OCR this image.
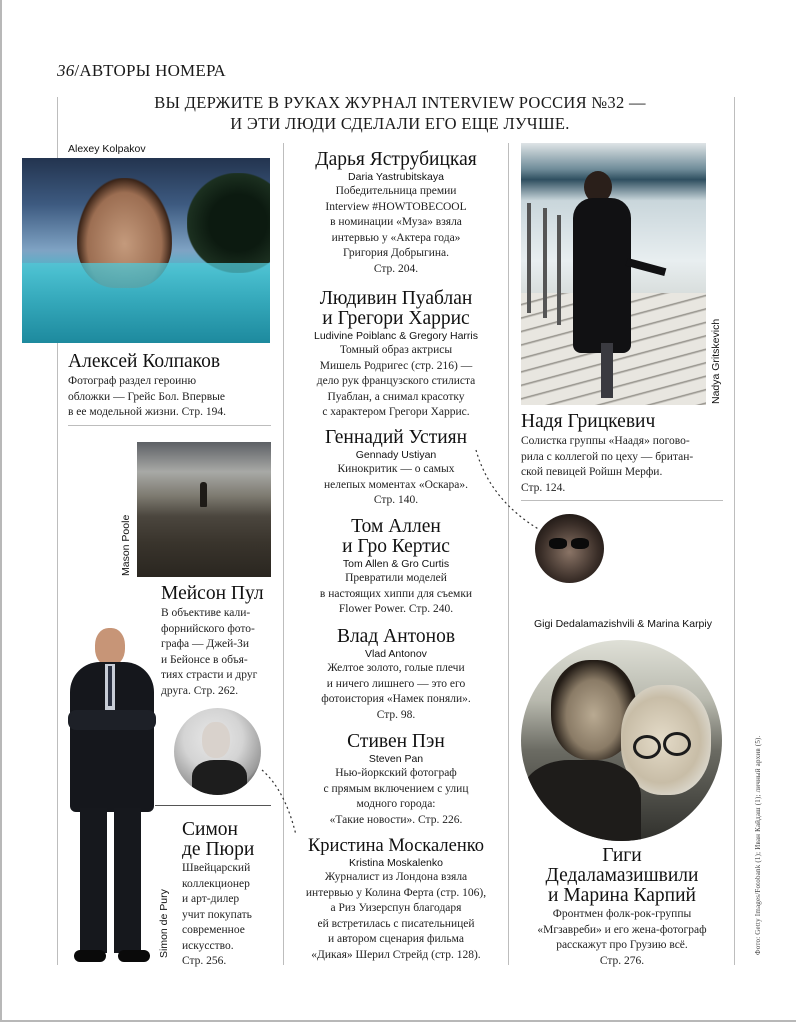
36/АВТОРЫ НОМЕРА
ВЫ ДЕРЖИТЕ В РУКАХ ЖУРНАЛ INTERVIEW РОССИЯ №32 —
И ЭТИ ЛЮДИ СДЕЛАЛИ ЕГО ЕЩЕ ЛУЧШЕ.
Alexey Kolpakov
Алексей Колпаков
Фотограф раздел героиню
обложки — Грейс Бол. Впервые
в ее модельной жизни. Стр. 194.
Mason Poole
Мейсон Пул
В объективе кали-
форнийского фото-
графа — Джей-Зи
и Бейонсе в объя-
тиях страсти и друг
друга. Стр. 262.
Simon de Pury
Симон
де Пюри
Швейцарский
коллекционер
и арт-дилер
учит покупать
современное
искусство.
Стр. 256.
Дарья Яструбицкая
Daria Yastrubitskaya
Победительница премии
Interview #HOWTOBECOOL
в номинации «Муза» взяла
интервью у «Актера года»
Григория Добрыгина.
Стр. 204.
Людивин Пуаблан
и Грегори Харрис
Ludivine Poiblanc & Gregory Harris
Томный образ актрисы
Мишель Родригес (стр. 216) —
дело рук французского стилиста
Пуаблан, а снимал красотку
с характером Грегори Харрис.
Геннадий Устиян
Gennady Ustiyan
Кинокритик — о самых
нелепых моментах «Оскара».
Стр. 140.
Том Аллен
и Гро Кертис
Tom Allen & Gro Curtis
Превратили моделей
в настоящих хиппи для съемки
Flower Power. Стр. 240.
Влад Антонов
Vlad Antonov
Желтое золото, голые плечи
и ничего лишнего — это его
фотоистория «Намек поняли».
Стр. 98.
Стивен Пэн
Steven Pan
Нью-йоркский фотограф
с прямым включением с улиц
модного города:
«Такие новости». Стр. 226.
Кристина Москаленко
Kristina Moskalenko
Журналист из Лондона взяла
интервью у Колина Ферта (стр. 106),
а Риз Уизерспун благодаря
ей встретилась с писательницей
и автором сценария фильма
«Дикая» Шерил Стрейд (стр. 128).
Nadya Gritskevich
Надя Грицкевич
Солистка группы «Наадя» погово-
рила с коллегой по цеху — британ-
ской певицей Ройшн Мерфи.
Стр. 124.
Gigi Dedalamazishvili & Marina Karpiy
Гиги
Дедаламазишвили
и Марина Карпий
Фронтмен фолк-рок-группы
«Мгзавреби» и его жена-фотограф
расскажут про Грузию всё.
Стр. 276.
Фото: Getty Images/Fotobank (1); Иван Кайдаш (1); личный архив (5).
